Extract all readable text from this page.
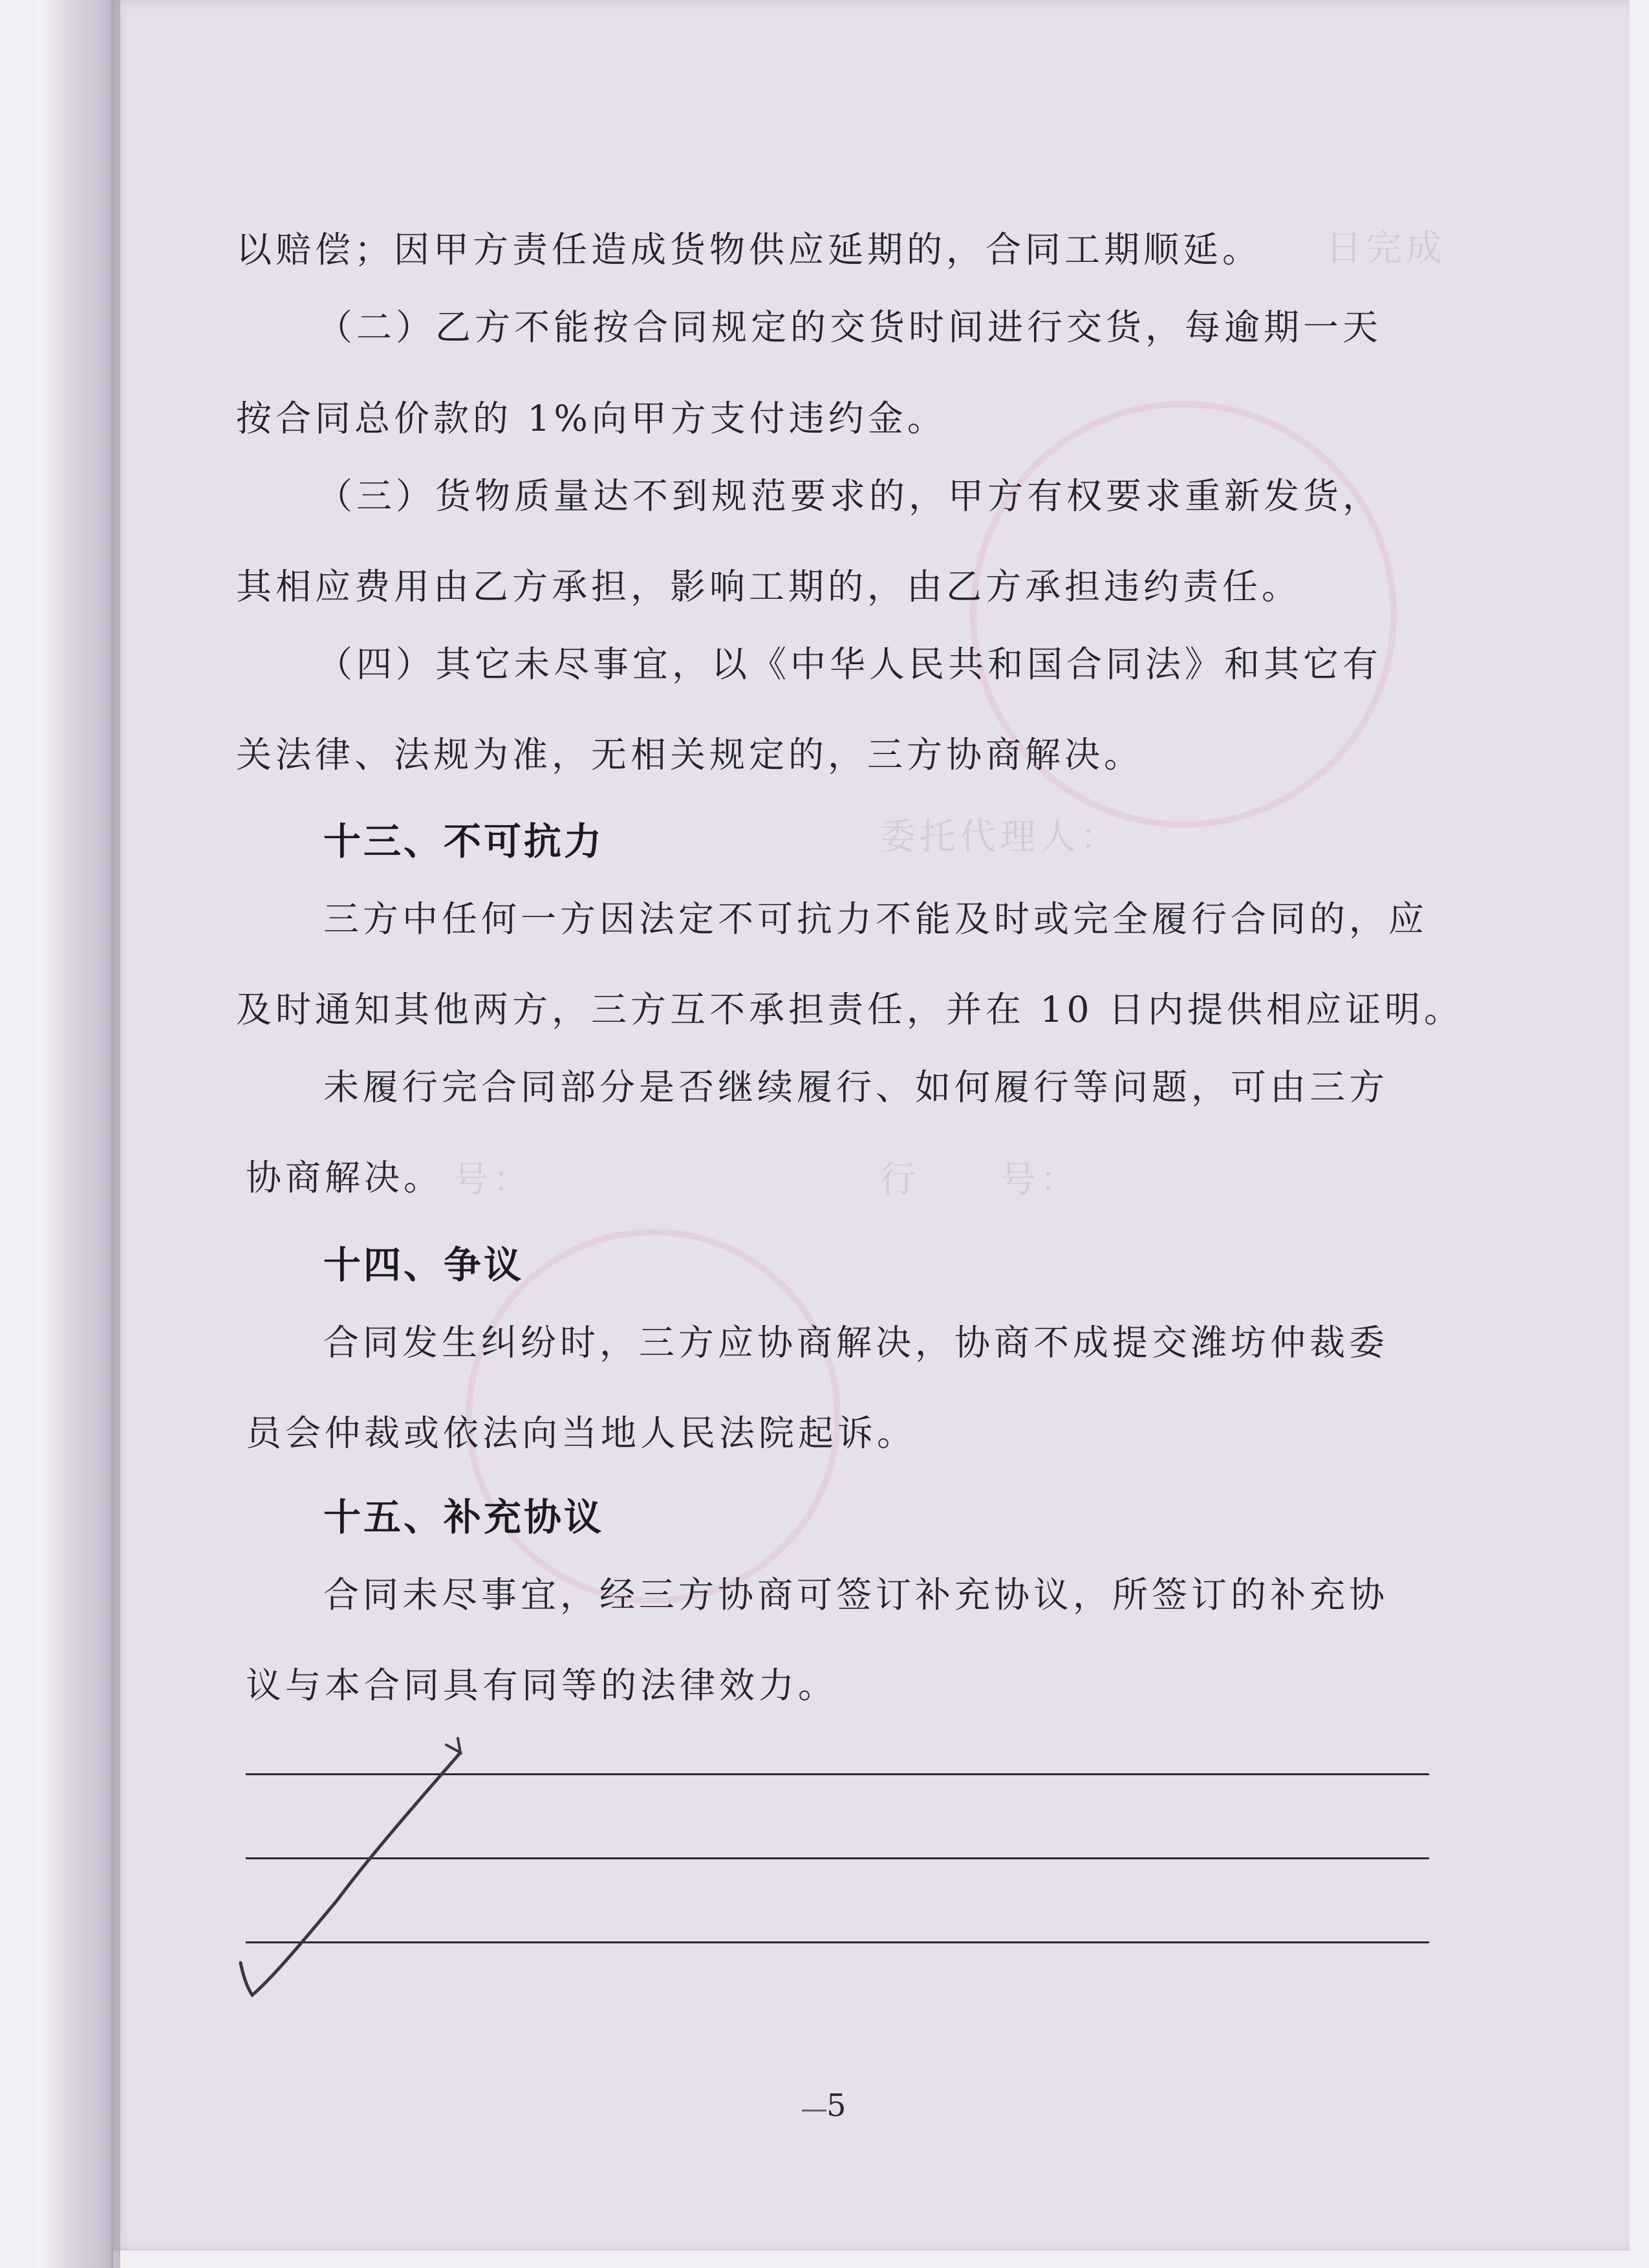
日完成
委托代理人：
行　　号：
号：
以赔偿；因甲方责任造成货物供应延期的，合同工期顺延。
（二）乙方不能按合同规定的交货时间进行交货，每逾期一天
按合同总价款的 1%向甲方支付违约金。
（三）货物质量达不到规范要求的，甲方有权要求重新发货，
其相应费用由乙方承担，影响工期的，由乙方承担违约责任。
（四）其它未尽事宜，以《中华人民共和国合同法》和其它有
关法律、法规为准，无相关规定的，三方协商解决。
十三、不可抗力
三方中任何一方因法定不可抗力不能及时或完全履行合同的，应
及时通知其他两方，三方互不承担责任，并在 10 日内提供相应证明。
未履行完合同部分是否继续履行、如何履行等问题，可由三方
协商解决。
十四、争议
合同发生纠纷时，三方应协商解决，协商不成提交潍坊仲裁委
员会仲裁或依法向当地人民法院起诉。
十五、补充协议
合同未尽事宜，经三方协商可签订补充协议，所签订的补充协
议与本合同具有同等的法律效力。
5
